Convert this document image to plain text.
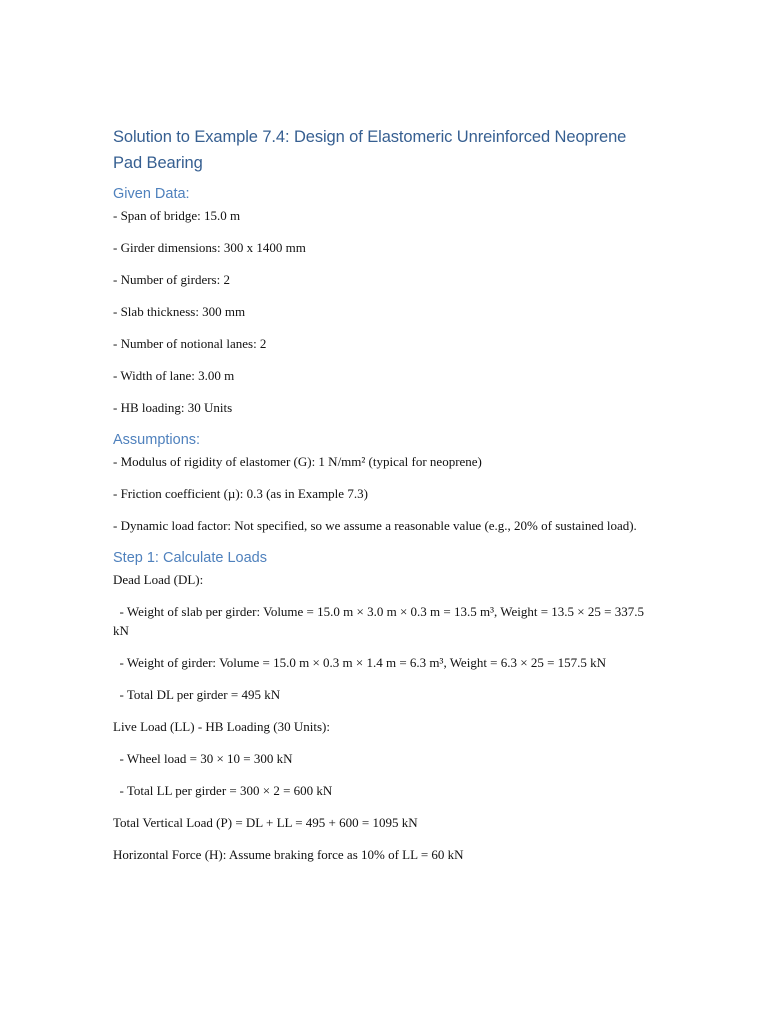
Solution to Example 7.4: Design of Elastomeric Unreinforced Neoprene Pad Bearing
Given Data:

- Span of bridge: 15.0 m

- Girder dimensions: 300 x 1400 mm

- Number of girders: 2

- Slab thickness: 300 mm

- Number of notional lanes: 2

- Width of lane: 3.00 m

- HB loading: 30 Units

Assumptions:

- Modulus of rigidity of elastomer (G): 1 N/mm² (typical for neoprene)

- Friction coefficient (µ): 0.3 (as in Example 7.3)

- Dynamic load factor: Not specified, so we assume a reasonable value (e.g., 20% of sustained load).

Step 1: Calculate Loads

Dead Load (DL):

- Weight of slab per girder: Volume = 15.0 m × 3.0 m × 0.3 m = 13.5 m³, Weight = 13.5 × 25 = 337.5 kN

- Weight of girder: Volume = 15.0 m × 0.3 m × 1.4 m = 6.3 m³, Weight = 6.3 × 25 = 157.5 kN

- Total DL per girder = 495 kN

Live Load (LL) - HB Loading (30 Units):

- Wheel load = 30 × 10 = 300 kN

- Total LL per girder = 300 × 2 = 600 kN

Total Vertical Load (P) = DL + LL = 495 + 600 = 1095 kN

Horizontal Force (H): Assume braking force as 10% of LL = 60 kN
